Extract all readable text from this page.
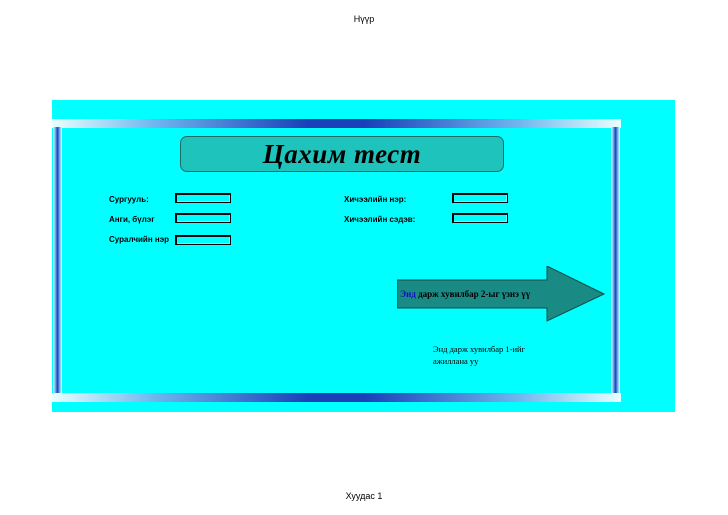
Нүүр
Цахим тест
Сургууль:
Анги, бүлэг
Суралчийн нэр
Хичээлийн нэр:
Хичээлийн сэдэв:
Энд дарж хувилбар 2-ыг үзнэ үү
Энд дарж хувилбар 1-ийг ажиллана уу
Хуудас 1
